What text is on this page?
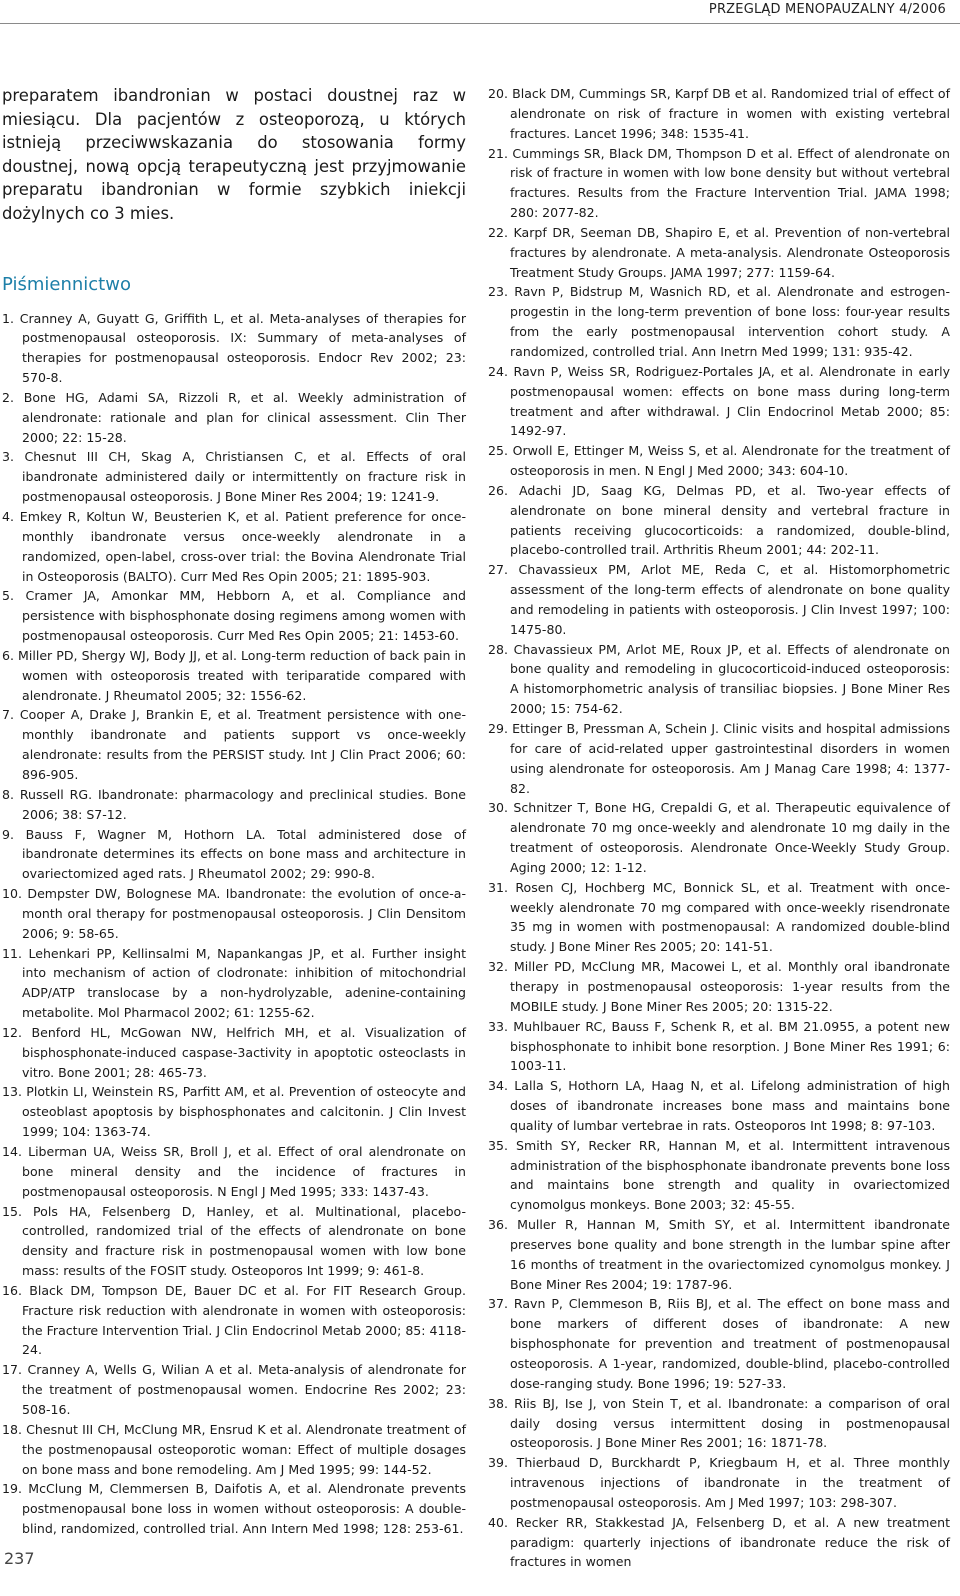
PRZEGLĄD MENOPAUZALNY 4/2006

preparatem ibandronian w postaci doustnej raz w miesiącu. Dla pacjentów z osteoporozą, u których istnieją przeciwwskazania do stosowania formy doustnej, nową opcją terapeutyczną jest przyjmowanie preparatu ibandronian w formie szybkich iniekcji dożylnych co 3 mies.

Piśmiennictwo
1. Cranney A, Guyatt G, Griffith L, et al. Meta-analyses of therapies for postmenopausal osteoporosis. IX: Summary of meta-analyses of therapies for postmenopausal osteoporosis. Endocr Rev 2002; 23: 570-8.
2. Bone HG, Adami SA, Rizzoli R, et al. Weekly administration of alendronate: rationale and plan for clinical assessment. Clin Ther 2000; 22: 15-28.
3. Chesnut III CH, Skag A, Christiansen C, et al. Effects of oral ibandronate administered daily or intermittently on fracture risk in postmenopausal osteoporosis. J Bone Miner Res 2004; 19: 1241-9.
4. Emkey R, Koltun W, Beusterien K, et al. Patient preference for once-monthly ibandronate versus once-weekly alendronate in a randomized, open-label, cross-over trial: the Bovina Alendronate Trial in Osteoporosis (BALTO). Curr Med Res Opin 2005; 21: 1895-903.
5. Cramer JA, Amonkar MM, Hebborn A, et al. Compliance and persistence with bisphosphonate dosing regimens among women with postmenopausal osteoporosis. Curr Med Res Opin 2005; 21: 1453-60.
6. Miller PD, Shergy WJ, Body JJ, et al. Long-term reduction of back pain in women with osteoporosis treated with teriparatide compared with alendronate. J Rheumatol 2005; 32: 1556-62.
7. Cooper A, Drake J, Brankin E, et al. Treatment persistence with one-monthly ibandronate and patients support vs once-weekly alendronate: results from the PERSIST study. Int J Clin Pract 2006; 60: 896-905.
8. Russell RG. Ibandronate: pharmacology and preclinical studies. Bone 2006; 38: S7-12.
9. Bauss F, Wagner M, Hothorn LA. Total administered dose of ibandronate determines its effects on bone mass and architecture in ovariectomized aged rats. J Rheumatol 2002; 29: 990-8.
10. Dempster DW, Bolognese MA. Ibandronate: the evolution of once-a-month oral therapy for postmenopausal osteoporosis. J Clin Densitom 2006; 9: 58-65.
11. Lehenkari PP, Kellinsalmi M, Napankangas JP, et al. Further insight into mechanism of action of clodronate: inhibition of mitochondrial ADP/ATP translocase by a non-hydrolyzable, adenine-containing metabolite. Mol Pharmacol 2002; 61: 1255-62.
12. Benford HL, McGowan NW, Helfrich MH, et al. Visualization of bisphosphonate-induced caspase-3activity in apoptotic osteoclasts in vitro. Bone 2001; 28: 465-73.
13. Plotkin LI, Weinstein RS, Parfitt AM, et al. Prevention of osteocyte and osteoblast apoptosis by bisphosphonates and calcitonin. J Clin Invest 1999; 104: 1363-74.
14. Liberman UA, Weiss SR, Broll J, et al. Effect of oral alendronate on bone mineral density and the incidence of fractures in postmenopausal osteoporosis. N Engl J Med 1995; 333: 1437-43.
15. Pols HA, Felsenberg D, Hanley, et al. Multinational, placebo-controlled, randomized trial of the effects of alendronate on bone density and fracture risk in postmenopausal women with low bone mass: results of the FOSIT study. Osteoporos Int 1999; 9: 461-8.
16. Black DM, Tompson DE, Bauer DC et al. For FIT Research Group. Fracture risk reduction with alendronate in women with osteoporosis: the Fracture Intervention Trial. J Clin Endocrinol Metab 2000; 85: 4118-24.
17. Cranney A, Wells G, Wilian A et al. Meta-analysis of alendronate for the treatment of postmenopausal women. Endocrine Res 2002; 23: 508-16.
18. Chesnut III CH, McClung MR, Ensrud K et al. Alendronate treatment of the postmenopausal osteoporotic woman: Effect of multiple dosages on bone mass and bone remodeling. Am J Med 1995; 99: 144-52.
19. McClung M, Clemmersen B, Daifotis A, et al. Alendronate prevents postmenopausal bone loss in women without osteoporosis: A double-blind, randomized, controlled trial. Ann Intern Med 1998; 128: 253-61.
20. Black DM, Cummings SR, Karpf DB et al. Randomized trial of effect of alendronate on risk of fracture in women with existing vertebral fractures. Lancet 1996; 348: 1535-41.
21. Cummings SR, Black DM, Thompson D et al. Effect of alendronate on risk of fracture in women with low bone density but without vertebral fractures. Results from the Fracture Intervention Trial. JAMA 1998; 280: 2077-82.
22. Karpf DR, Seeman DB, Shapiro E, et al. Prevention of non-vertebral fractures by alendronate. A meta-analysis. Alendronate Osteoporosis Treatment Study Groups. JAMA 1997; 277: 1159-64.
23. Ravn P, Bidstrup M, Wasnich RD, et al. Alendronate and estrogen-progestin in the long-term prevention of bone loss: four-year results from the early postmenopausal intervention cohort study. A randomized, controlled trial. Ann Inetrn Med 1999; 131: 935-42.
24. Ravn P, Weiss SR, Rodriguez-Portales JA, et al. Alendronate in early postmenopausal women: effects on bone mass during long-term treatment and after withdrawal. J Clin Endocrinol Metab 2000; 85: 1492-97.
25. Orwoll E, Ettinger M, Weiss S, et al. Alendronate for the treatment of osteoporosis in men. N Engl J Med 2000; 343: 604-10.
26. Adachi JD, Saag KG, Delmas PD, et al. Two-year effects of alendronate on bone mineral density and vertebral fracture in patients receiving glucocorticoids: a randomized, double-blind, placebo-controlled trail. Arthritis Rheum 2001; 44: 202-11.
27. Chavassieux PM, Arlot ME, Reda C, et al. Histomorphometric assessment of the long-term effects of alendronate on bone quality and remodeling in patients with osteoporosis. J Clin Invest 1997; 100: 1475-80.
28. Chavassieux PM, Arlot ME, Roux JP, et al. Effects of alendronate on bone quality and remodeling in glucocorticoid-induced osteoporosis: A histomorphometric analysis of transiliac biopsies. J Bone Miner Res 2000; 15: 754-62.
29. Ettinger B, Pressman A, Schein J. Clinic visits and hospital admissions for care of acid-related upper gastrointestinal disorders in women using alendronate for osteoporosis. Am J Manag Care 1998; 4: 1377-82.
30. Schnitzer T, Bone HG, Crepaldi G, et al. Therapeutic equivalence of alendronate 70 mg once-weekly and alendronate 10 mg daily in the treatment of osteoporosis. Alendronate Once-Weekly Study Group. Aging 2000; 12: 1-12.
31. Rosen CJ, Hochberg MC, Bonnick SL, et al. Treatment with once-weekly alendronate 70 mg compared with once-weekly risendronate 35 mg in women with postmenopausal: A randomized double-blind study. J Bone Miner Res 2005; 20: 141-51.
32. Miller PD, McClung MR, Macowei L, et al. Monthly oral ibandronate therapy in postmenopausal osteoporosis: 1-year results from the MOBILE study. J Bone Miner Res 2005; 20: 1315-22.
33. Muhlbauer RC, Bauss F, Schenk R, et al. BM 21.0955, a potent new bisphosphonate to inhibit bone resorption. J Bone Miner Res 1991; 6: 1003-11.
34. Lalla S, Hothorn LA, Haag N, et al. Lifelong administration of high doses of ibandronate increases bone mass and maintains bone quality of lumbar vertebrae in rats. Osteoporos Int 1998; 8: 97-103.
35. Smith SY, Recker RR, Hannan M, et al. Intermittent intravenous administration of the bisphosphonate ibandronate prevents bone loss and maintains bone strength and quality in ovariectomized cynomolgus monkeys. Bone 2003; 32: 45-55.
36. Muller R, Hannan M, Smith SY, et al. Intermittent ibandronate preserves bone quality and bone strength in the lumbar spine after 16 months of treatment in the ovariectomized cynomolgus monkey. J Bone Miner Res 2004; 19: 1787-96.
37. Ravn P, Clemmeson B, Riis BJ, et al. The effect on bone mass and bone markers of different doses of ibandronate: A new bisphosphonate for prevention and treatment of postmenopausal osteoporosis. A 1-year, randomized, double-blind, placebo-controlled dose-ranging study. Bone 1996; 19: 527-33.
38. Riis BJ, Ise J, von Stein T, et al. Ibandronate: a comparison of oral daily dosing versus intermittent dosing in postmenopausal osteoporosis. J Bone Miner Res 2001; 16: 1871-78.
39. Thierbaud D, Burckhardt P, Kriegbaum H, et al. Three monthly intravenous injections of ibandronate in the treatment of postmenopausal osteoporosis. Am J Med 1997; 103: 298-307.
40. Recker RR, Stakkestad JA, Felsenberg D, et al. A new treatment paradigm: quarterly injections of ibandronate reduce the risk of fractures in women
237
